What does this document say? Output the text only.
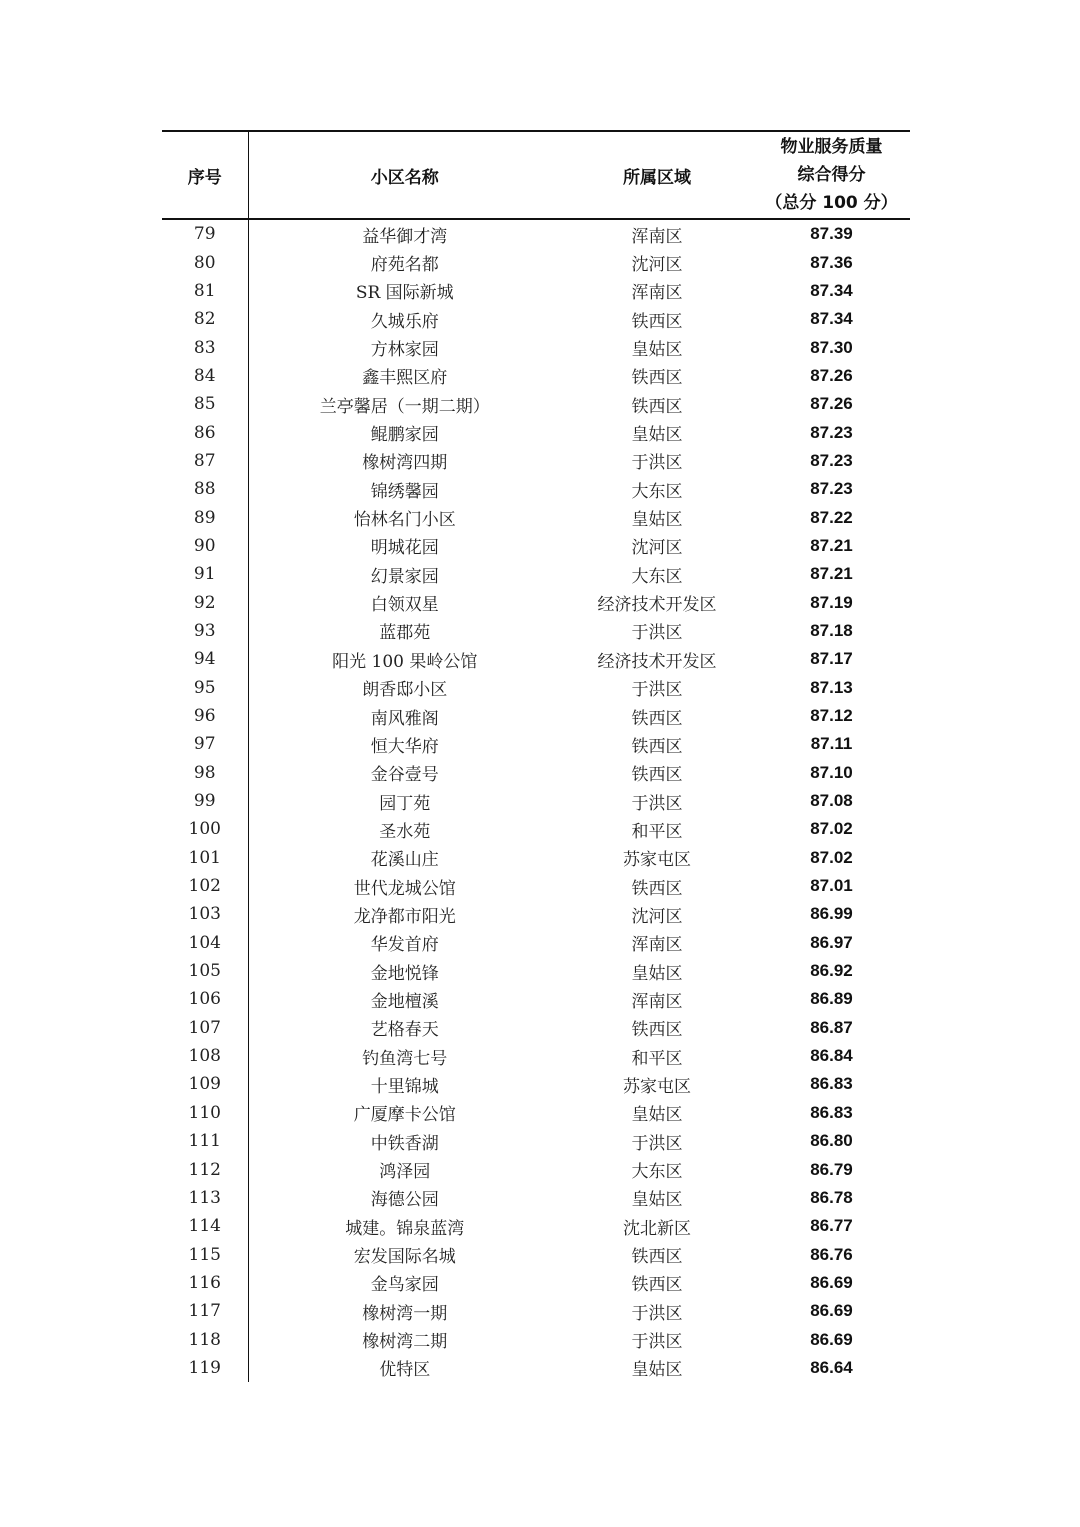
序号	小区名称	所属区域	物业服务质量
综合得分
（总分 100 分）

79	益华御才湾	浑南区	87.39
80	府苑名都	沈河区	87.36
81	SR 国际新城	浑南区	87.34
82	久城乐府	铁西区	87.34
83	方林家园	皇姑区	87.30
84	鑫丰熙区府	铁西区	87.26
85	兰亭馨居（一期二期）	铁西区	87.26
86	鲲鹏家园	皇姑区	87.23
87	橡树湾四期	于洪区	87.23
88	锦绣馨园	大东区	87.23
89	怡林名门小区	皇姑区	87.22
90	明城花园	沈河区	87.21
91	幻景家园	大东区	87.21
92	白领双星	经济技术开发区	87.19
93	蓝郡苑	于洪区	87.18
94	阳光 100 果岭公馆	经济技术开发区	87.17
95	朗香邸小区	于洪区	87.13
96	南风雅阁	铁西区	87.12
97	恒大华府	铁西区	87.11
98	金谷壹号	铁西区	87.10
99	园丁苑	于洪区	87.08
100	圣水苑	和平区	87.02
101	花溪山庄	苏家屯区	87.02
102	世代龙城公馆	铁西区	87.01
103	龙净都市阳光	沈河区	86.99
104	华发首府	浑南区	86.97
105	金地悦锋	皇姑区	86.92
106	金地檀溪	浑南区	86.89
107	艺格春天	铁西区	86.87
108	钓鱼湾七号	和平区	86.84
109	十里锦城	苏家屯区	86.83
110	广厦摩卡公馆	皇姑区	86.83
111	中铁香湖	于洪区	86.80
112	鸿泽园	大东区	86.79
113	海德公园	皇姑区	86.78
114	城建。锦泉蓝湾	沈北新区	86.77
115	宏发国际名城	铁西区	86.76
116	金鸟家园	铁西区	86.69
117	橡树湾一期	于洪区	86.69
118	橡树湾二期	于洪区	86.69
119	优特区	皇姑区	86.64
